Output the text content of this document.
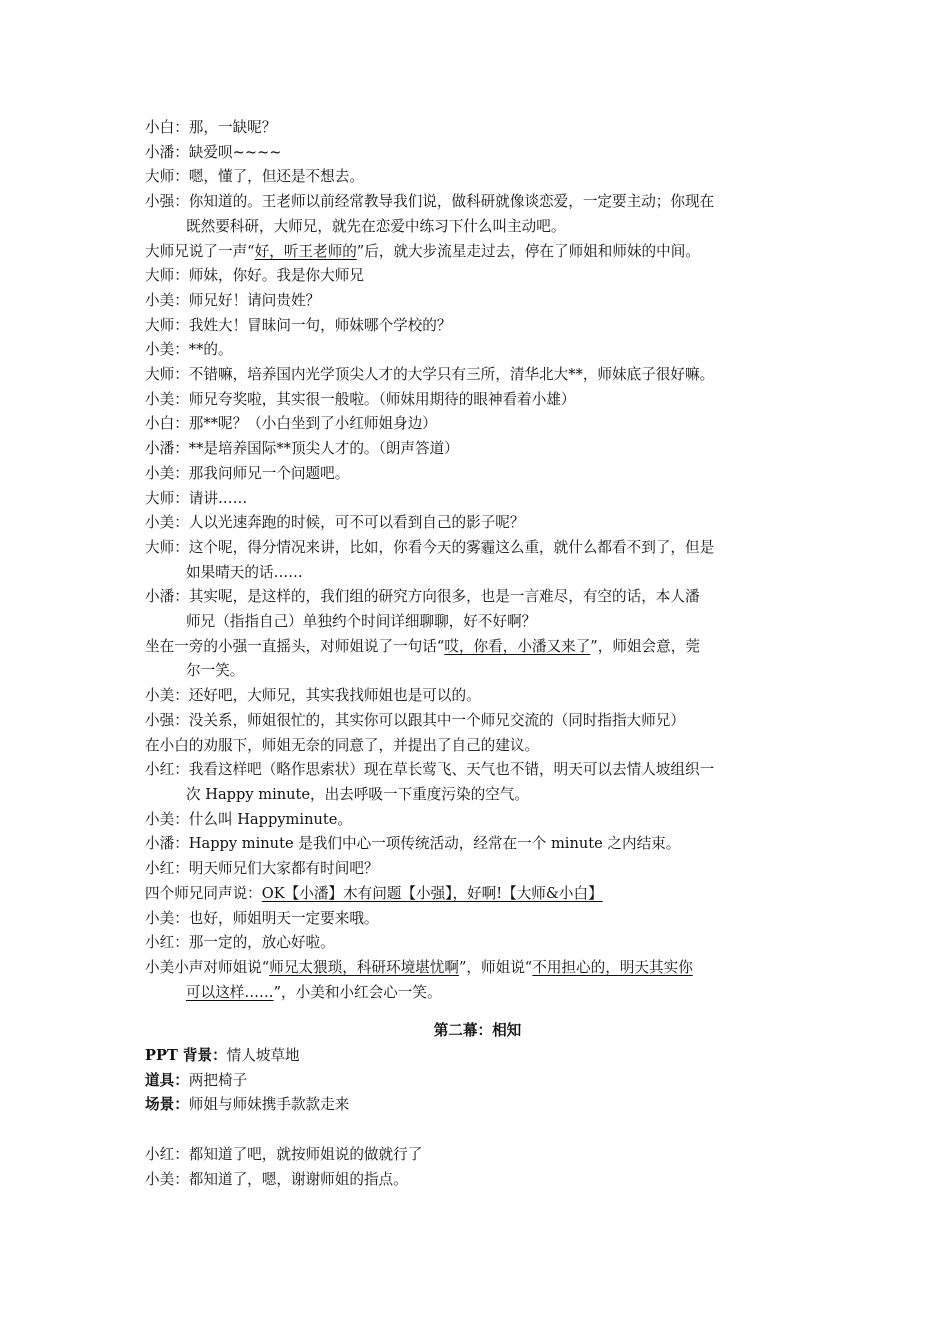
小白：那，一缺呢？
小潘：缺爱呗~~~~
大师：嗯，懂了，但还是不想去。
小强：你知道的。王老师以前经常教导我们说，做科研就像谈恋爱，一定要主动；你现在
既然要科研，大师兄，就先在恋爱中练习下什么叫主动吧。
大师兄说了一声“好，听王老师的”后，就大步流星走过去，停在了师姐和师妹的中间。
大师：师妹，你好。我是你大师兄
小美：师兄好！请问贵姓？
大师：我姓大！冒昧问一句，师妹哪个学校的？
小美：**的。
大师：不错嘛，培养国内光学顶尖人才的大学只有三所，清华北大**，师妹底子很好嘛。
小美：师兄夸奖啦，其实很一般啦。（师妹用期待的眼神看着小雄）
小白：那**呢？（小白坐到了小红师姐身边）
小潘：**是培养国际**顶尖人才的。（朗声答道）
小美：那我问师兄一个问题吧。
大师：请讲……
小美：人以光速奔跑的时候，可不可以看到自己的影子呢？
大师：这个呢，得分情况来讲，比如，你看今天的雾霾这么重，就什么都看不到了，但是
如果晴天的话……
小潘：其实呢，是这样的，我们组的研究方向很多，也是一言难尽，有空的话，本人潘
师兄（指指自己）单独约个时间详细聊聊，好不好啊？
坐在一旁的小强一直摇头，对师姐说了一句话“哎，你看，小潘又来了”，师姐会意，莞
尔一笑。
小美：还好吧，大师兄，其实我找师姐也是可以的。
小强：没关系，师姐很忙的，其实你可以跟其中一个师兄交流的（同时指指大师兄）
在小白的劝服下，师姐无奈的同意了，并提出了自己的建议。
小红：我看这样吧（略作思索状）现在草长莺飞、天气也不错，明天可以去情人坡组织一
次 Happy minute，出去呼吸一下重度污染的空气。
小美：什么叫 Happyminute。
小潘：Happy minute 是我们中心一项传统活动，经常在一个 minute 之内结束。
小红：明天师兄们大家都有时间吧？
四个师兄同声说：OK【小潘】木有问题【小强】，好啊!【大师&小白】
小美：也好，师姐明天一定要来哦。
小红：那一定的，放心好啦。
小美小声对师姐说“师兄太猥琐，科研环境堪忧啊”，师姐说“不用担心的，明天其实你
可以这样……”，小美和小红会心一笑。
第二幕：相知
PPT 背景：情人坡草地
道具：两把椅子
场景：师姐与师妹携手款款走来
小红：都知道了吧，就按师姐说的做就行了
小美：都知道了，嗯，谢谢师姐的指点。
